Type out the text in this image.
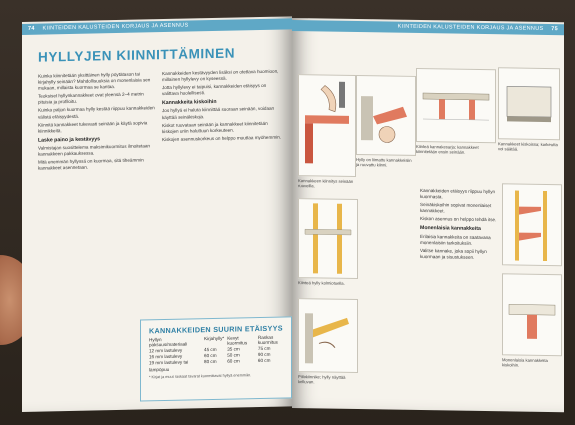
74 KIINTEIDEN KALUSTEIDEN KORJAUS JA ASENNUS
HYLLYJEN KIINNITTÄMINEN

Kuinka kiinnitetään yksittäinen hylly pöytätason tai kirjahylly seinään? Mahdollisuuksia on monenlaisia sen mukaan, millaista kuormaa se kantaa.

Teoksiset hyllynkannakkeet ovat yleensä 2–4 metrin pituisia ja profiloitu.

Kuinka paljon kuormaa hylly kestää riippuu kannakkeiden välistä etäisyydestä.

Kiinnitä kannakkeet tukevasti seinään ja käytä sopivia kiinnikkeitä.

Laske paino ja kestävyys

Valmistajan suosittelema maksimikuormitus ilmoitetaan kannakkeen pakkauksessa.

Mitä enemmän hyllyssä on kuormaa, sitä tiheämmin kannakkeet asennetaan.

Kannakkeiden kestävyyden lisäksi on otettava huomioon, millainen hyllylevy on kyseessä.

Jotta hyllylevy ei taipuisi, kannakkeiden etäisyys on valittava huolellisesti.

Kannakkeita kiskoihin

Jos hyllyä ei haluta kiinnittää suoraan seinään, voidaan käyttää seinäkiskoja.

Kiskot ruuvataan seinään ja kannakkeet kiinnitetään kiskojen uriin haluttuun korkeuteen.

Kiskojen asennuskorkeus on helppo muuttaa myöhemmin.

KANNAKKEIDEN SUURIN ETÄISYYS
Hyllyn paksuus/materiaali	Kirjahylly*	Kevyt kuormitus	Raskas kuormitus
12 mm lastulevy	45 cm	35 cm	75 cm
16 mm lastulevy	60 cm	50 cm	90 cm
19 mm lastulevy tai lämpöpuu	80 cm	60 cm	60 cm
* Kirjat ja muut raskaat tavarat kuormittavat hyllyä enemmän.
KIINTEIDEN KALUSTEIDEN KORJAUS JA ASENNUS 75
Kannakkeen kiinnitys seinään ruuveilla.
Hylly on liimattu kannakkeisiin ja ruuvattu kiinni.
Kiinteä kannakesarja; kannakkeet kiinnitetään ensin seinään.
Kannakkeet kiskoissa; korkeutta voi säätää.
Kiinteä hylly kolmiotuella.

Kannakkeiden etäisyys riippuu hyllyn kuormasta.

Seinäkiskoihin sopivat monenlaiset kannakkeet.

Kiskon asennus on helppo tehdä itse.

Monenlaisia kannakkeita

Erilaisia kannakkeita on saatavana monenlaisiin tarkoituksiin.

Valitse kannake, joka sopii hyllyn kuormaan ja sisustukseen.

Piilokiinnike; hylly näyttää kelluvan.
Monenlaisia kannakkeita kiskoihin.
